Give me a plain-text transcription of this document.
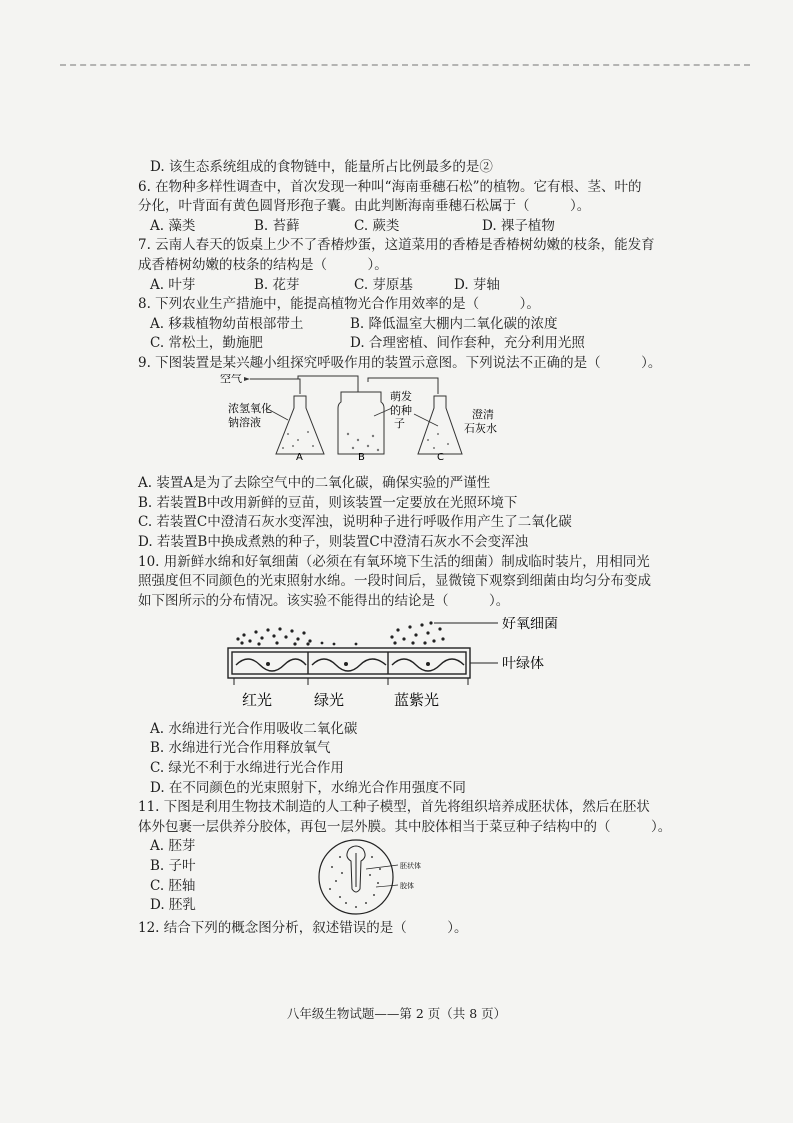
D. 该生态系统组成的食物链中，能量所占比例最多的是②
6. 在物种多样性调查中，首次发现一种叫“海南垂穗石松”的植物。它有根、茎、叶的
分化，叶背面有黄色圆肾形孢子囊。由此判断海南垂穗石松属于（　　　）。
A. 藻类	B. 苔藓	C. 蕨类	D. 裸子植物
7. 云南人春天的饭桌上少不了香椿炒蛋，这道菜用的香椿是香椿树幼嫩的枝条，能发育
成香椿树幼嫩的枝条的结构是（　　　）。
A. 叶芽	B. 花芽	C. 芽原基	D. 芽轴
8. 下列农业生产措施中，能提高植物光合作用效率的是（　　　）。
A. 移栽植物幼苗根部带土	B. 降低温室大棚内二氧化碳的浓度
C. 常松土，勤施肥	D. 合理密植、间作套种，充分利用光照
9. 下图装置是某兴趣小组探究呼吸作用的装置示意图。下列说法不正确的是（　　　）。
空气
浓氢氧化
钠溶液
萌发
的种
子
澄清
石灰水
A	B	C
A. 装置A是为了去除空气中的二氧化碳，确保实验的严谨性
B. 若装置B中改用新鲜的豆苗，则该装置一定要放在光照环境下
C. 若装置C中澄清石灰水变浑浊，说明种子进行呼吸作用产生了二氧化碳
D. 若装置B中换成煮熟的种子，则装置C中澄清石灰水不会变浑浊
10. 用新鲜水绵和好氧细菌（必须在有氧环境下生活的细菌）制成临时装片，用相同光
照强度但不同颜色的光束照射水绵。一段时间后，显微镜下观察到细菌由均匀分布变成
如下图所示的分布情况。该实验不能得出的结论是（　　　）。
好氧细菌
叶绿体
红光	绿光	蓝紫光
A. 水绵进行光合作用吸收二氧化碳
B. 水绵进行光合作用释放氧气
C. 绿光不利于水绵进行光合作用
D. 在不同颜色的光束照射下，水绵光合作用强度不同
11. 下图是利用生物技术制造的人工种子模型，首先将组织培养成胚状体，然后在胚状
体外包裹一层供养分胶体，再包一层外膜。其中胶体相当于菜豆种子结构中的（　　　）。
A. 胚芽
B. 子叶
C. 胚轴
D. 胚乳
胚状体
胶体
12. 结合下列的概念图分析，叙述错误的是（　　　）。
八年级生物试题——第 2 页（共 8 页）
